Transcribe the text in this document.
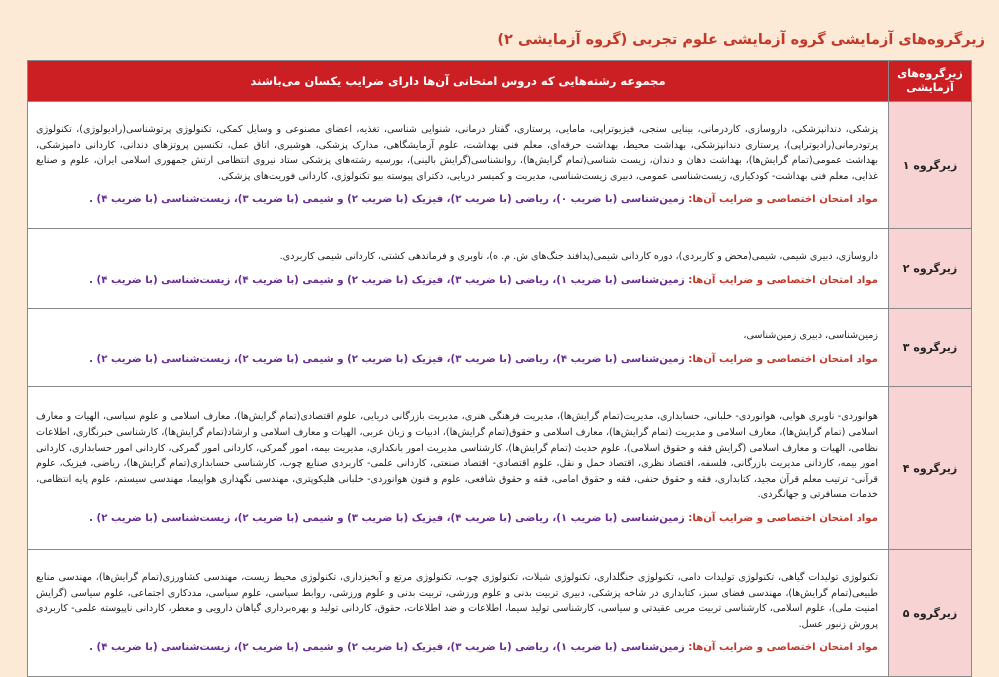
زیرگروه‌های آزمایشی گروه آزمایشی علوم تجربی (گروه آزمایشی ۲)
زیرگروه‌های آزمایشی	مجموعه رشته‌هایی که دروس امتحانی آن‌ها دارای ضرایب یکسان می‌باشند
زیرگروه ۱	پزشکی، دندانپزشکی، داروسازی، کاردرمانی، بینایی سنجی، فیزیوتراپی، مامایی، پرستاری، گفتار درمانی، شنوایی شناسی، تغذیه، اعضای مصنوعی و وسایل کمکی، تکنولوژی پرتوشناسی(رادیولوژی)، تکنولوژی پرتودرمانی(رادیوتراپی)، پرستاری دندانپزشکی، بهداشت محیط، بهداشت حرفه‌ای، معلم فنی بهداشت، علوم آزمایشگاهی، مدارک پزشکی، هوشبری، اتاق عمل، تکنسین پروتزهای دندانی، کاردانی دامپزشکی، بهداشت عمومی(تمام گرایش‌ها)، بهداشت دهان و دندان، زیست شناسی(تمام گرایش‌ها)، روانشناسی(گرایش بالینی)، بورسیه رشته‌های پزشکی ستاد نیروی انتظامی ارتش جمهوری اسلامی ایران، علوم و صنایع غذایی، معلم فنی بهداشت- کودکیاری، زیست‌شناسی عمومی، دبیری زیست‌شناسی، مدیریت و کمیسر دریایی، دکترای پیوسته بیو تکنولوژی، کاردانی فوریت‌های پزشکی.
مواد امتحان اختصاصی و ضرایب آن‌ها: زمین‌شناسی (با ضریب ۰)، ریاضی (با ضریب ۲)، فیزیک (با ضریب ۲) و شیمی (با ضریب ۳)، زیست‌شناسی (با ضریب ۴) .

زیرگروه ۲	داروسازی، دبیری شیمی، شیمی(محض و کاربردی)، دوره کاردانی شیمی(پدافند جنگ‌های ش. م. ه)، ناوبری و فرماندهی کشتی، کاردانی شیمی کاربردی.
مواد امتحان اختصاصی و ضرایب آن‌ها: زمین‌شناسی (با ضریب ۱)، ریاضی (با ضریب ۳)، فیزیک (با ضریب ۲) و شیمی (با ضریب ۴)، زیست‌شناسی (با ضریب ۴) .

زیرگروه ۳	زمین‌شناسی، دبیری زمین‌شناسی،
مواد امتحان اختصاصی و ضرایب آن‌ها: زمین‌شناسی (با ضریب ۴)، ریاضی (با ضریب ۳)، فیزیک (با ضریب ۲) و شیمی (با ضریب ۲)، زیست‌شناسی (با ضریب ۲) .

زیرگروه ۴	هوانوردی- ناوبری هوایی، هوانوردی- خلبانی، حسابداری، مدیریت(تمام گرایش‌ها)، مدیریت فرهنگی هنری، مدیریت بازرگانی دریایی، علوم اقتصادی(تمام گرایش‌ها)، معارف اسلامی و علوم سیاسی، الهیات و معارف اسلامی (تمام گرایش‌ها)، معارف اسلامی و مدیریت (تمام گرایش‌ها)، معارف اسلامی و حقوق(تمام گرایش‌ها)، ادبیات و زبان عربی، الهیات و معارف اسلامی و ارشاد(تمام گرایش‌ها)، کارشناسی خبرنگاری، اطلاعات نظامی، الهیات و معارف اسلامی (گرایش فقه و حقوق اسلامی)، علوم حدیث (تمام گرایش‌ها)، کارشناسی مدیریت امور بانکداری، مدیریت بیمه، امور گمرکی، کاردانی امور گمرکی، کاردانی امور حسابداری، کاردانی امور بیمه، کاردانی مدیریت بازرگانی، فلسفه، اقتصاد نظری، اقتصاد حمل و نقل، علوم اقتصادی- اقتصاد صنعتی، کاردانی علمی- کاربردی صنایع چوب، کارشناسی حسابداری(تمام گرایش‌ها)، ریاضی، فیزیک، علوم قرآنی- ترتیب معلم قرآن مجید، کتابداری، فقه و حقوق حنفی، فقه و حقوق امامی، فقه و حقوق شافعی، علوم و فنون هوانوردی- خلبانی هلیکوپتری، مهندسی نگهداری هواپیما، مهندسی سیستم، علوم پایه انتظامی، خدمات مسافرتی و جهانگردی.
مواد امتحان اختصاصی و ضرایب آن‌ها: زمین‌شناسی (با ضریب ۱)، ریاضی (با ضریب ۴)، فیزیک (با ضریب ۳) و شیمی (با ضریب ۲)، زیست‌شناسی (با ضریب ۲) .

زیرگروه ۵	تکنولوژی تولیدات گیاهی، تکنولوژی تولیدات دامی، تکنولوژی جنگلداری، تکنولوژی شیلات، تکنولوژی چوب، تکنولوژی مرتع و آبخیزداری، تکنولوژی محیط زیست، مهندسی کشاورزی(تمام گرایش‌ها)، مهندسی منابع طبیعی(تمام گرایش‌ها)، مهندسی فضای سبز، کتابداری در شاخه پزشکی، دبیری تربیت بدنی و علوم ورزشی، تربیت بدنی و علوم ورزشی، روابط سیاسی، علوم سیاسی، مددکاری اجتماعی، علوم سیاسی (گرایش امنیت ملی)، علوم اسلامی، کارشناسی تربیت مربی عقیدتی و سیاسی، کارشناسی تولید سیما، اطلاعات و ضد اطلاعات، حقوق، کاردانی تولید و بهره‌برداری گیاهان دارویی و معطر، کاردانی ناپیوسته علمی- کاربردی پرورش زنبور عسل.
مواد امتحان اختصاصی و ضرایب آن‌ها: زمین‌شناسی (با ضریب ۱)، ریاضی (با ضریب ۳)، فیزیک (با ضریب ۲) و شیمی (با ضریب ۲)، زیست‌شناسی (با ضریب ۴) .
